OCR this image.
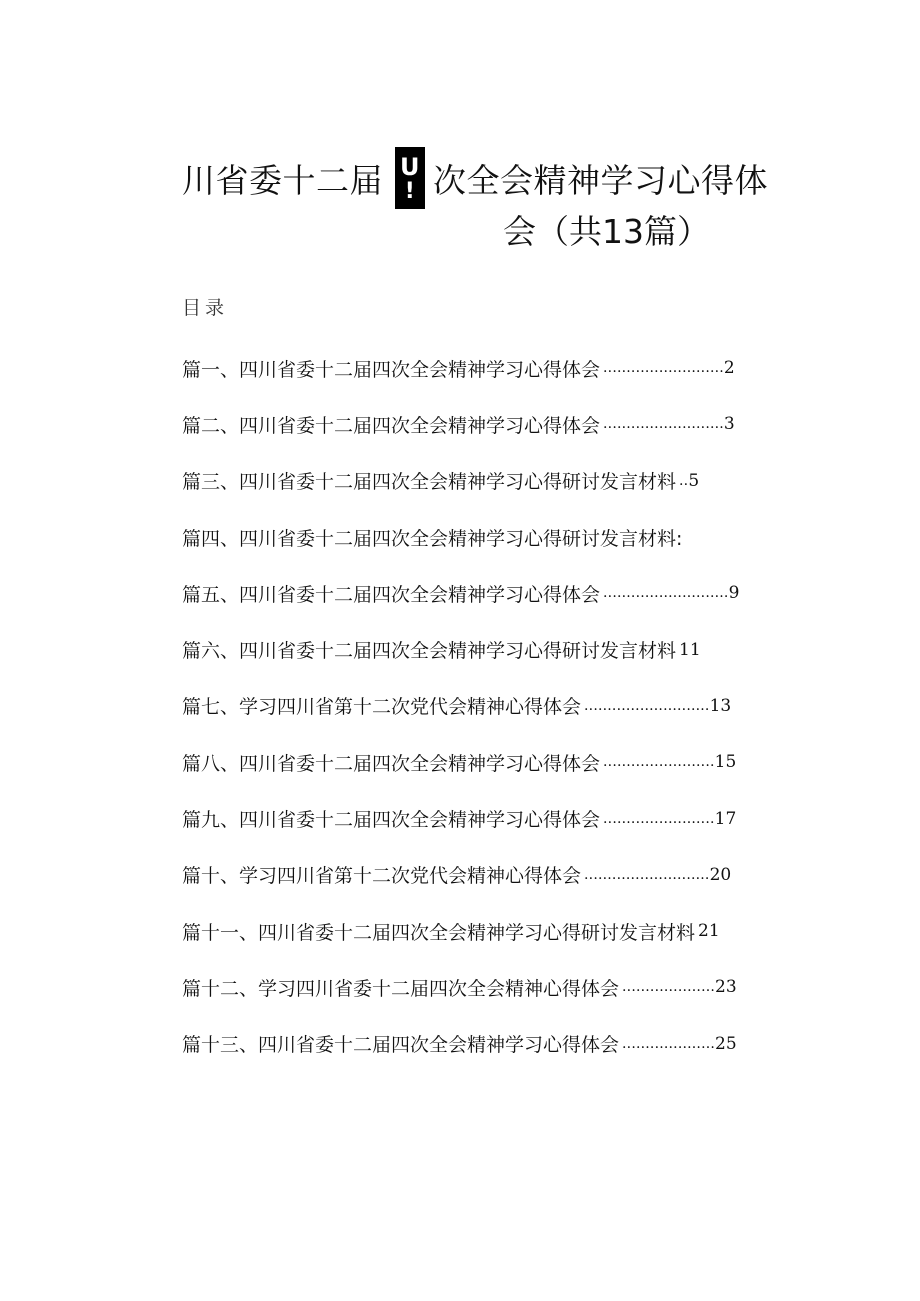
川省委十二届 U
! 次全会精神学习心得体
会（共13篇）
目录
篇一、四川省委十二届四次全会精神学习心得体会 .......................... 2
篇二、四川省委十二届四次全会精神学习心得体会 .......................... 3
篇三、四川省委十二届四次全会精神学习心得研讨发言材料 .. 5
篇四、四川省委十二届四次全会精神学习心得研讨发言材料:
篇五、四川省委十二届四次全会精神学习心得体会 ........................... 9
篇六、四川省委十二届四次全会精神学习心得研讨发言材料 11
篇七、学习四川省第十二次党代会精神心得体会 ........................... 13
篇八、四川省委十二届四次全会精神学习心得体会 ........................ 15
篇九、四川省委十二届四次全会精神学习心得体会 ........................ 17
篇十、学习四川省第十二次党代会精神心得体会 ........................... 20
篇十一、四川省委十二届四次全会精神学习心得研讨发言材料 21
篇十二、学习四川省委十二届四次全会精神心得体会 .................... 23
篇十三、四川省委十二届四次全会精神学习心得体会 .................... 25
